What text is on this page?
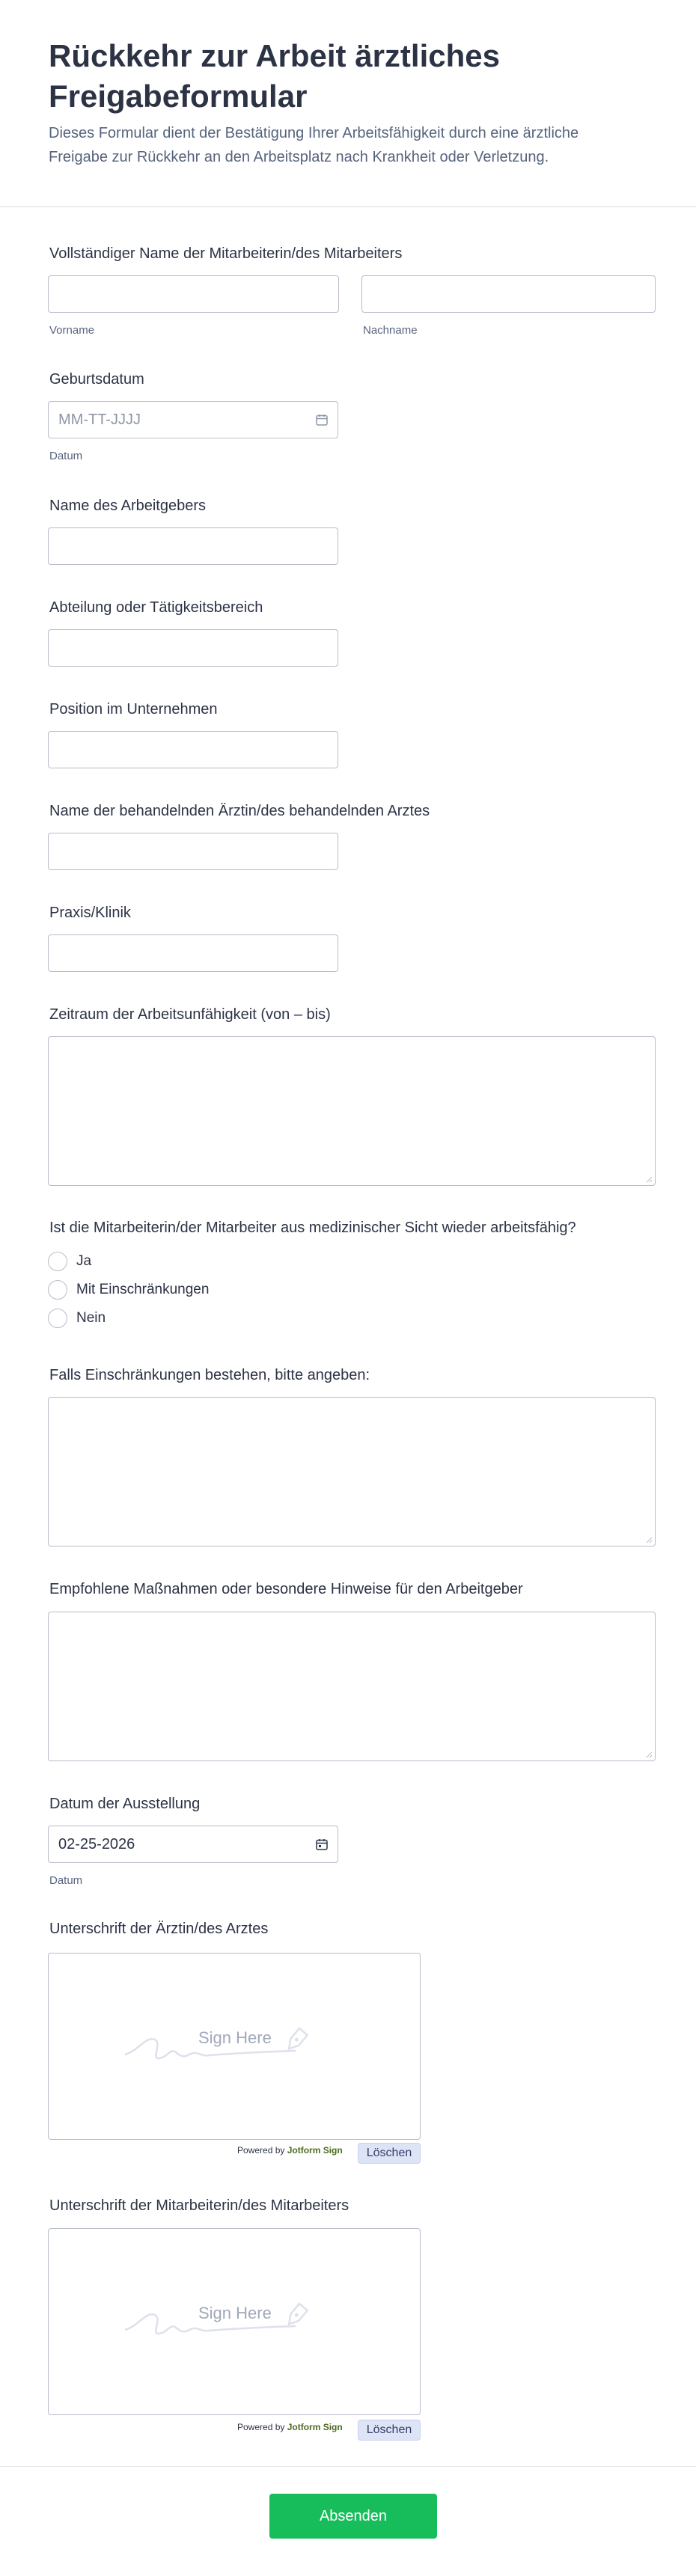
Rückkehr zur Arbeit ärztliches Freigabeformular
Dieses Formular dient der Bestätigung Ihrer Arbeitsfähigkeit durch eine ärztliche Freigabe zur Rückkehr an den Arbeitsplatz nach Krankheit oder Verletzung.
Vollständiger Name der Mitarbeiterin/des Mitarbeiters
Vorname	Nachname
Geburtsdatum
MM-TT-JJJJ
Datum
Name des Arbeitgebers
Abteilung oder Tätigkeitsbereich
Position im Unternehmen
Name der behandelnden Ärztin/des behandelnden Arztes
Praxis/Klinik
Zeitraum der Arbeitsunfähigkeit (von – bis)
Ist die Mitarbeiterin/der Mitarbeiter aus medizinischer Sicht wieder arbeitsfähig?
Ja
Mit Einschränkungen
Nein
Falls Einschränkungen bestehen, bitte angeben:
Empfohlene Maßnahmen oder besondere Hinweise für den Arbeitgeber
Datum der Ausstellung
02-25-2026
Datum
Unterschrift der Ärztin/des Arztes
Sign Here
Powered by Jotform Sign	Löschen
Unterschrift der Mitarbeiterin/des Mitarbeiters
Sign Here
Powered by Jotform Sign	Löschen
Absenden
